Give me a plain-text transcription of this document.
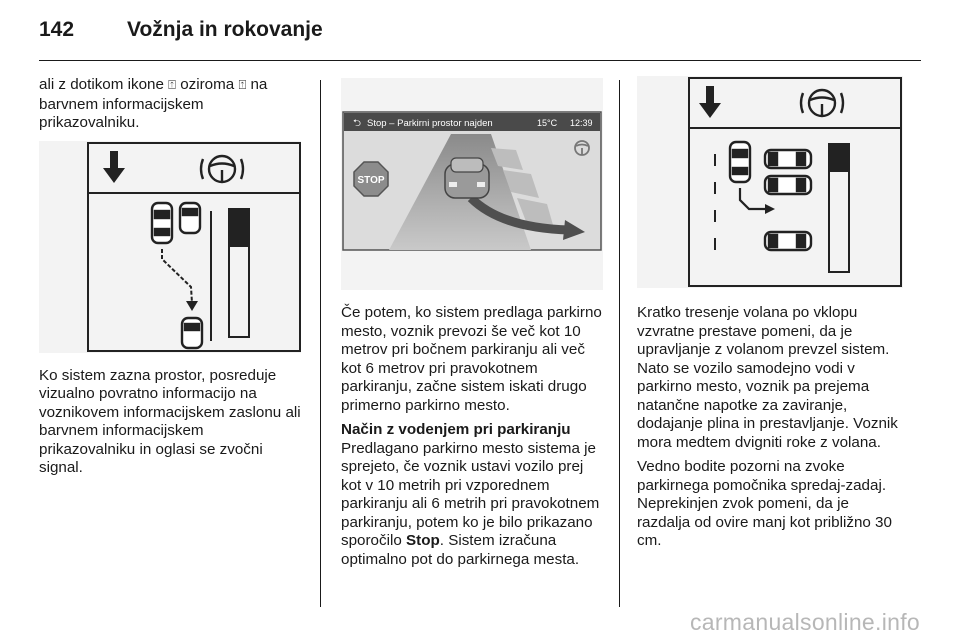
142	Vožnja in rokovanje

ali z dotikom ikone ⍐ oziroma ⍐ na barvnem informacijskem prikazovalniku.

Ko sistem zazna prostor, posreduje vizualno povratno informacijo na voznikovem informacijskem zaslonu ali barvnem informacijskem prikazovalniku in oglasi se zvočni signal.

⮌ Stop – Parkirni prostor najden	15°C 12:39
STOP

Če potem, ko sistem predlaga parkirno mesto, voznik prevozi še več kot 10 metrov pri bočnem parkiranju ali več kot 6 metrov pri pravokotnem parkiranju, začne sistem iskati drugo primerno parkirno mesto.

Način z vodenjem pri parkiranju

Predlagano parkirno mesto sistema je sprejeto, če voznik ustavi vozilo prej kot v 10 metrih pri vzporednem parkiranju ali 6 metrih pri pravokotnem parkiranju, potem ko je bilo prikazano sporočilo Stop. Sistem izračuna optimalno pot do parkirnega mesta.

Kratko tresenje volana po vklopu vzvratne prestave pomeni, da je upravljanje z volanom prevzel sistem. Nato se vozilo samodejno vodi v parkirno mesto, voznik pa prejema natančne napotke za zaviranje, dodajanje plina in prestavljanje. Voznik mora medtem dvigniti roke z volana.

Vedno bodite pozorni na zvoke parkirnega pomočnika spredaj-zadaj. Neprekinjen zvok pomeni, da je razdalja od ovire manj kot približno 30 cm.

carmanualsonline.info
